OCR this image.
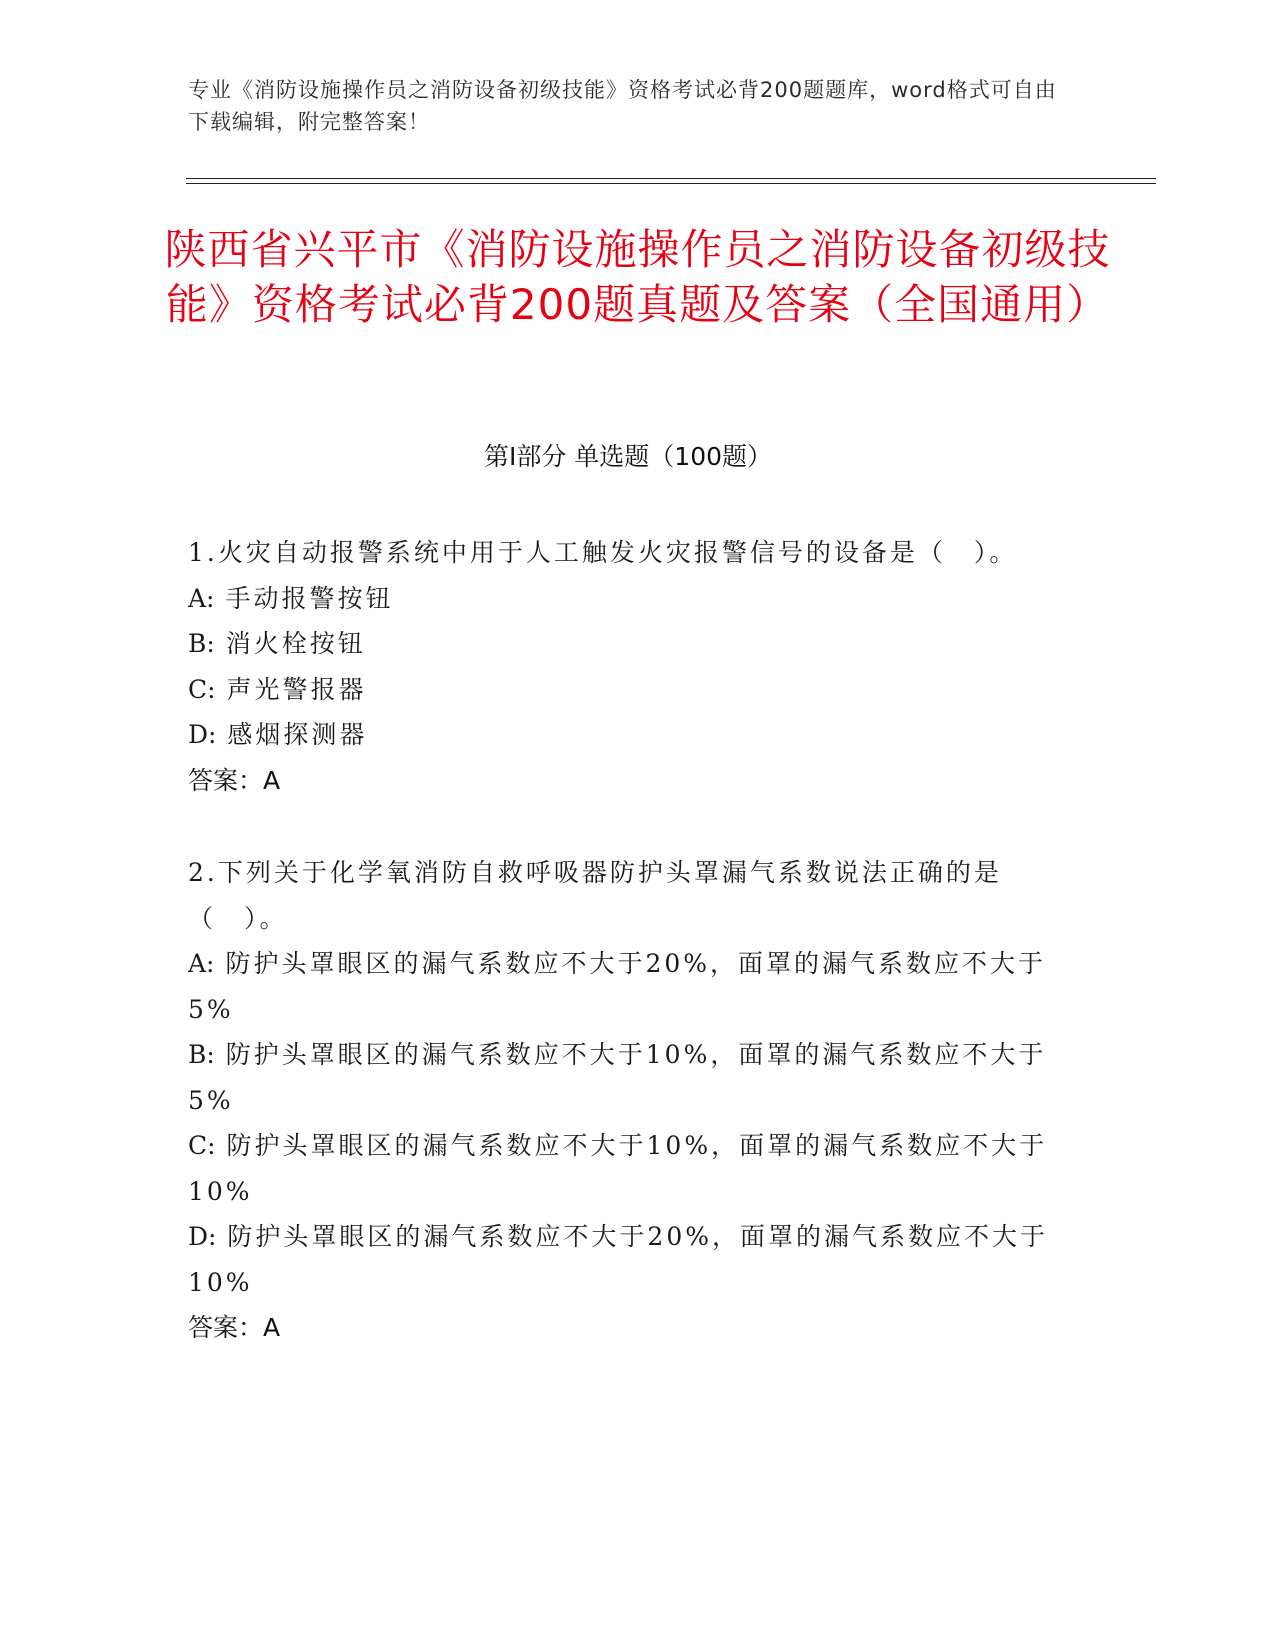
专业《消防设施操作员之消防设备初级技能》资格考试必背200题题库，word格式可自由下载编辑，附完整答案！
陕西省兴平市《消防设施操作员之消防设备初级技能》资格考试必背200题真题及答案（全国通用）
第Ⅰ部分 单选题（100题）
1.火灾自动报警系统中用于人工触发火灾报警信号的设备是（　）。
A: 手动报警按钮
B: 消火栓按钮
C: 声光警报器
D: 感烟探测器
答案：A
2.下列关于化学氧消防自救呼吸器防护头罩漏气系数说法正确的是（　）。
A: 防护头罩眼区的漏气系数应不大于20%，面罩的漏气系数应不大于5%
B: 防护头罩眼区的漏气系数应不大于10%，面罩的漏气系数应不大于5%
C: 防护头罩眼区的漏气系数应不大于10%，面罩的漏气系数应不大于10%
D: 防护头罩眼区的漏气系数应不大于20%，面罩的漏气系数应不大于10%
答案：A
